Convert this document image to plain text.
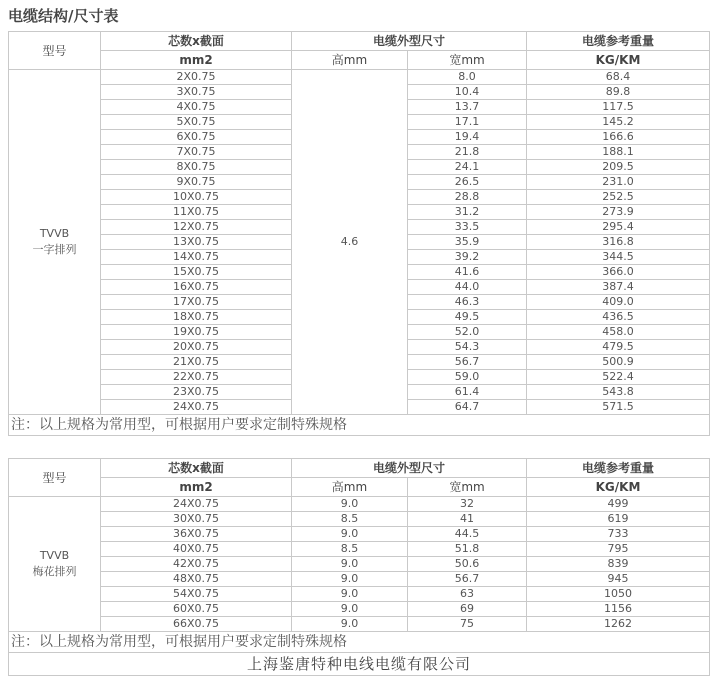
电缆结构/尺寸表
型号	芯数x截面	电缆外型尺寸		电缆参考重量
	mm2	高mm	宽mm	KG/KM

TVVB
一字排列	2X0.75	4.6	8.0	68.4
	3X0.75		10.4	89.8
	4X0.75		13.7	117.5
	5X0.75		17.1	145.2
	6X0.75		19.4	166.6
	7X0.75		21.8	188.1
	8X0.75		24.1	209.5
	9X0.75		26.5	231.0
	10X0.75		28.8	252.5
	11X0.75		31.2	273.9
	12X0.75		33.5	295.4
	13X0.75		35.9	316.8
	14X0.75		39.2	344.5
	15X0.75		41.6	366.0
	16X0.75		44.0	387.4
	17X0.75		46.3	409.0
	18X0.75		49.5	436.5
	19X0.75		52.0	458.0
	20X0.75		54.3	479.5
	21X0.75		56.7	500.9
	22X0.75		59.0	522.4
	23X0.75		61.4	543.8
	24X0.75		64.7	571.5
注：以上规格为常用型，可根据用户要求定制特殊规格				
型号	芯数x截面	电缆外型尺寸		电缆参考重量
	mm2	高mm	宽mm	KG/KM

TVVB
梅花排列	24X0.75	9.0	32	499
	30X0.75	8.5	41	619
	36X0.75	9.0	44.5	733
	40X0.75	8.5	51.8	795
	42X0.75	9.0	50.6	839
	48X0.75	9.0	56.7	945
	54X0.75	9.0	63	1050
	60X0.75	9.0	69	1156
	66X0.75	9.0	75	1262
注：以上规格为常用型，可根据用户要求定制特殊规格				
上海鉴唐特种电线电缆有限公司				
